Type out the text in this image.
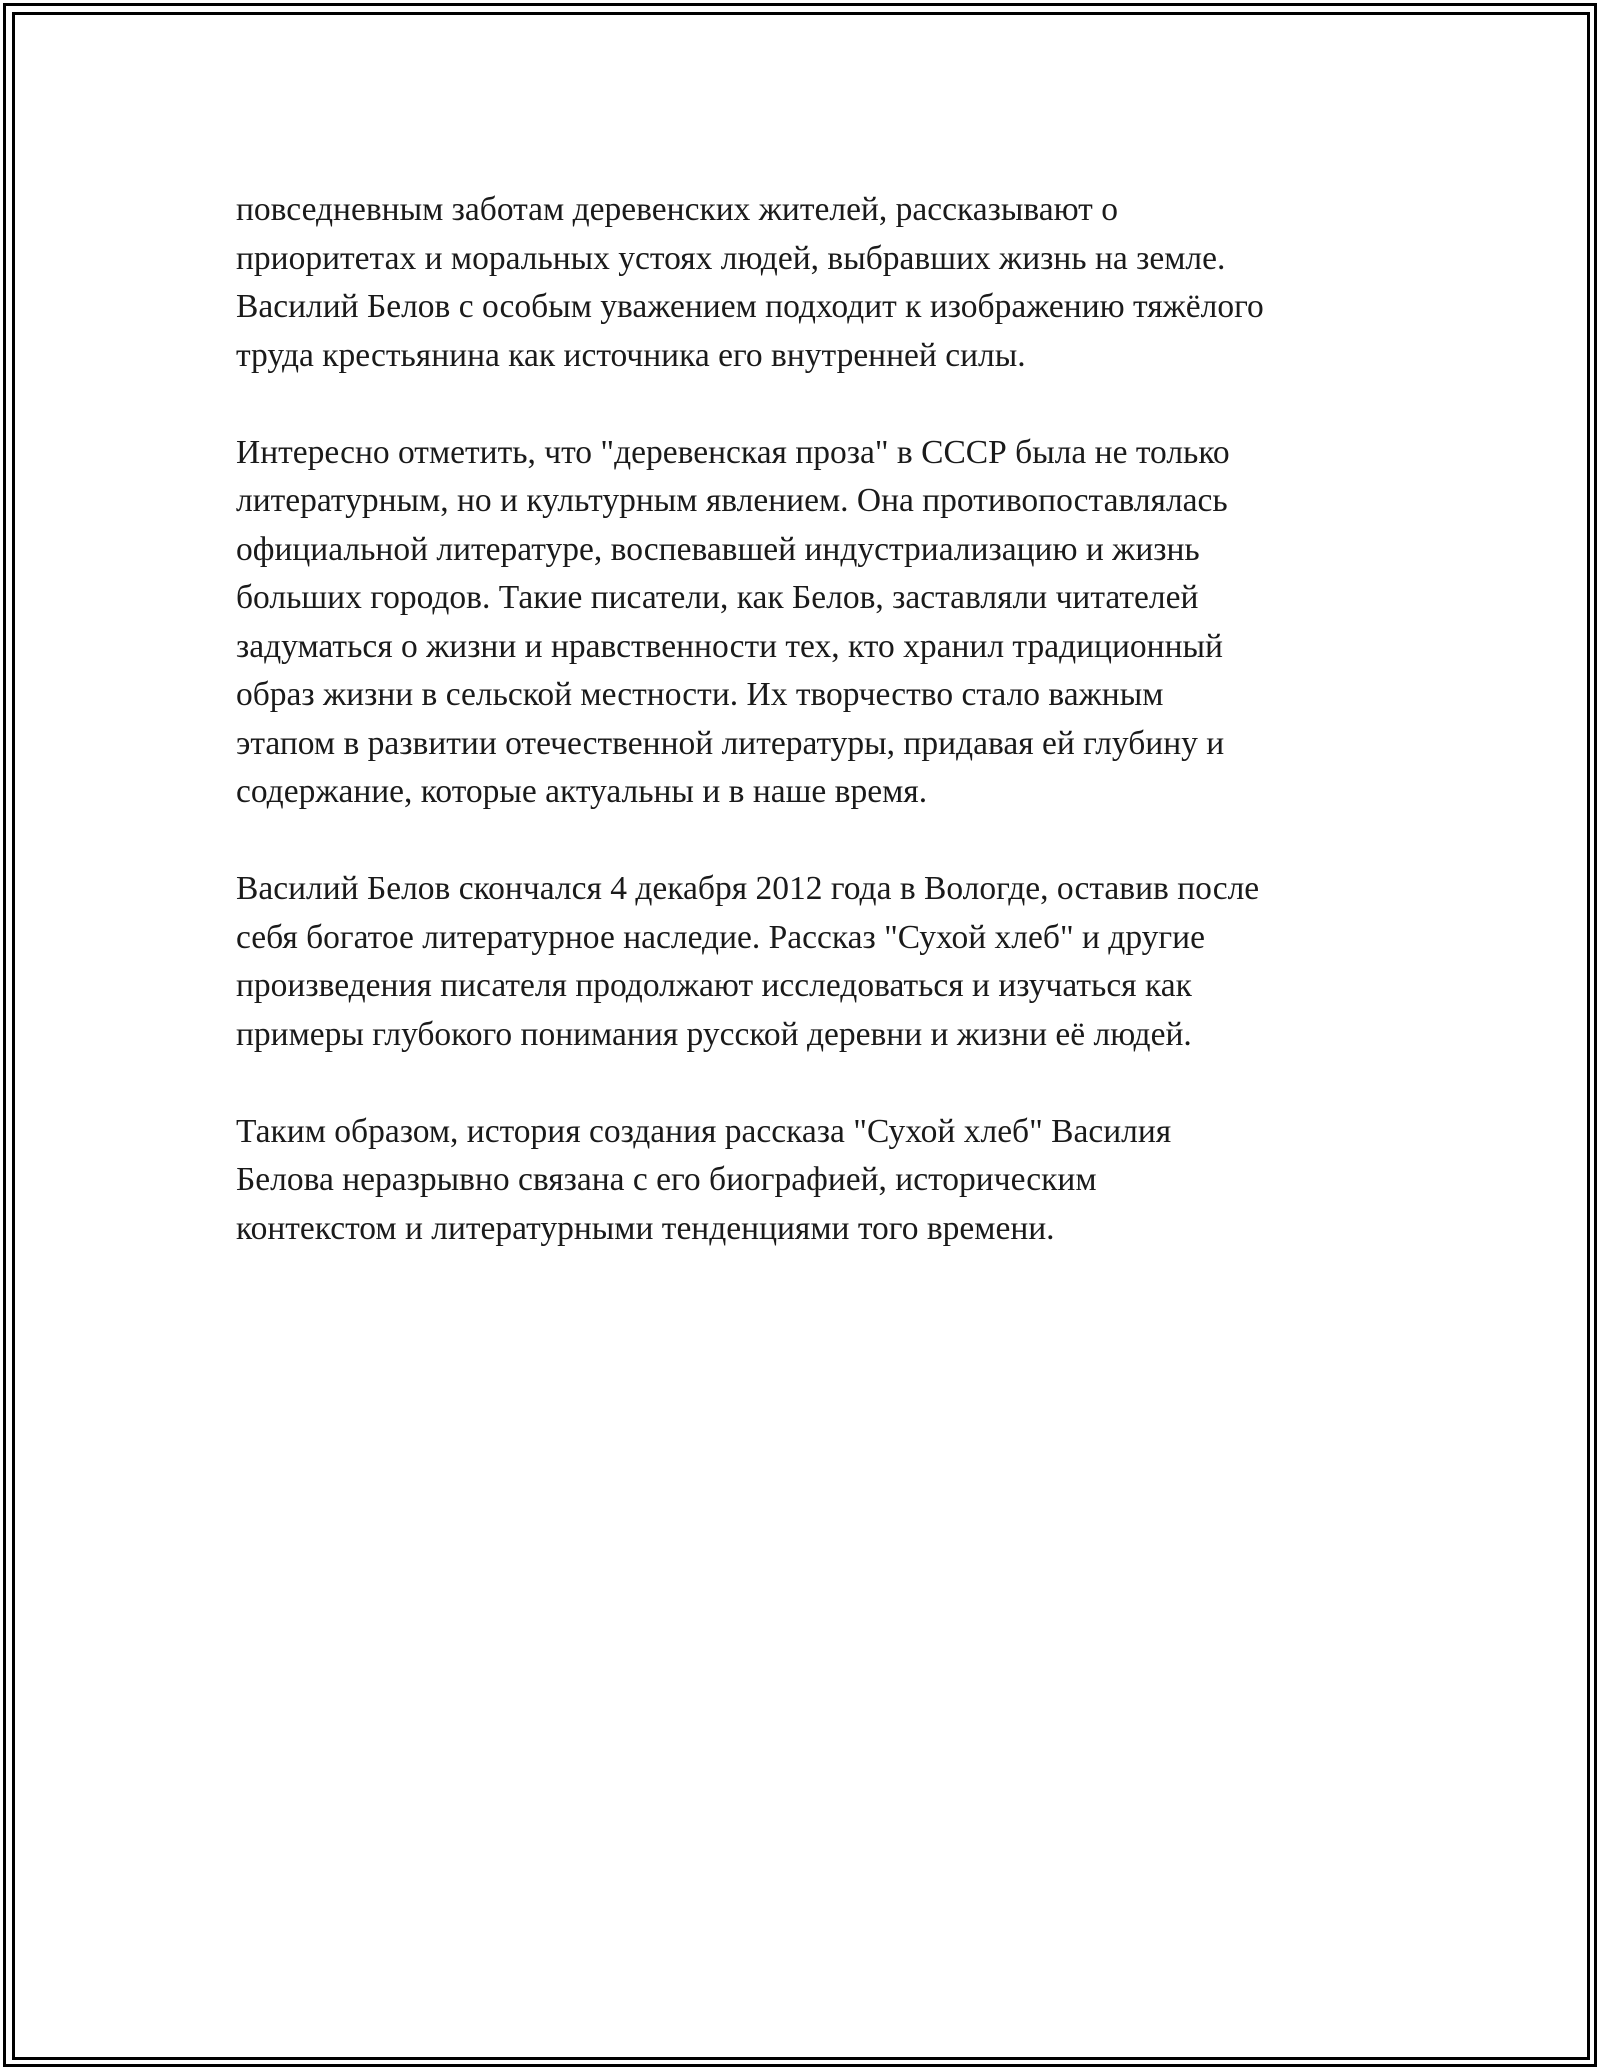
повседневным заботам деревенских жителей, рассказывают о
приоритетах и моральных устоях людей, выбравших жизнь на земле.
Василий Белов с особым уважением подходит к изображению тяжёлого
труда крестьянина как источника его внутренней силы.

Интересно отметить, что "деревенская проза" в СССР была не только
литературным, но и культурным явлением. Она противопоставлялась
официальной литературе, воспевавшей индустриализацию и жизнь
больших городов. Такие писатели, как Белов, заставляли читателей
задуматься о жизни и нравственности тех, кто хранил традиционный
образ жизни в сельской местности. Их творчество стало важным
этапом в развитии отечественной литературы, придавая ей глубину и
содержание, которые актуальны и в наше время.

Василий Белов скончался 4 декабря 2012 года в Вологде, оставив после
себя богатое литературное наследие. Рассказ "Сухой хлеб" и другие
произведения писателя продолжают исследоваться и изучаться как
примеры глубокого понимания русской деревни и жизни её людей.

Таким образом, история создания рассказа "Сухой хлеб" Василия
Белова неразрывно связана с его биографией, историческим
контекстом и литературными тенденциями того времени.
